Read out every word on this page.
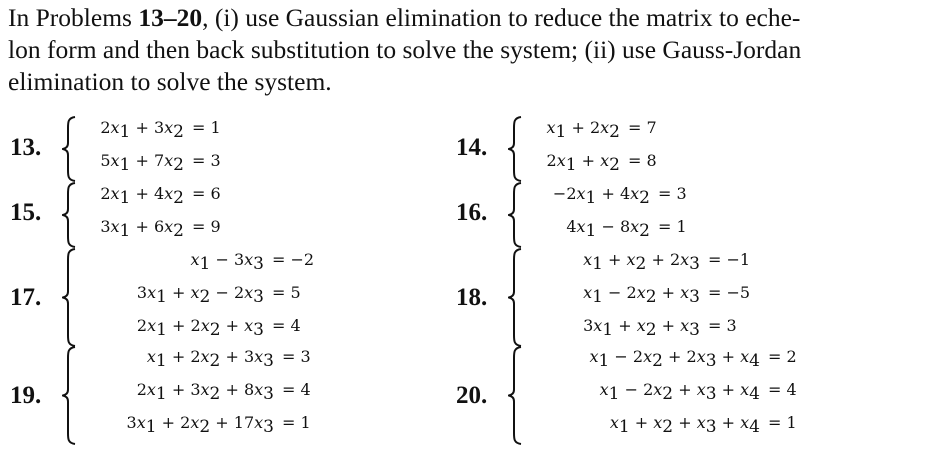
In Problems 13–20, (i) use Gaussian elimination to reduce the matrix to eche-
lon form and then back substitution to solve the system; (ii) use Gauss-Jordan
elimination to solve the system.
13.
$2x_1 + 3x_2 = 1$
$5x_1 + 7x_2 = 3$	14.
$x_1 + 2x_2 = 7$
$2x_1 + x_2 = 8$
15.
$2x_1 + 4x_2 = 6$
$3x_1 + 6x_2 = 9$
16.
$-2x_1 + 4x_2 = 3$
$4x_1 - 8x_2 = 1$
17.
$x_1 - 3x_3 = -2$
$3x_1 + x_2 - 2x_3 = 5$
$2x_1 + 2x_2 + x_3 = 4$
18.
$x_1 + x_2 + 2x_3 = -1$
$x_1 - 2x_2 + x_3 = -5$
$3x_1 + x_2 + x_3 = 3$
19.
$x_1 + 2x_2 + 3x_3 = 3$
$2x_1 + 3x_2 + 8x_3 = 4$
$3x_1 + 2x_2 + 17x_3 = 1$
20.
$x_1 - 2x_2 + 2x_3 + x_4 = 2$
$x_1 - 2x_2 + x_3 + x_4 = 4$
$x_1 + x_2 + x_3 + x_4 = 1$
